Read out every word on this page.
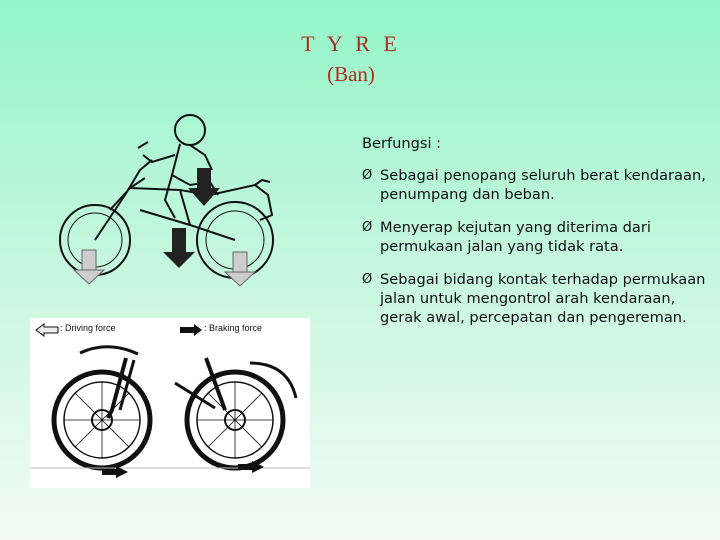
T Y R E
(Ban)
: Driving force	: Braking force
Berfungsi :
Ø Sebagai penopang seluruh berat kendaraan, penumpang dan beban.
Ø Menyerap kejutan yang diterima dari permukaan jalan yang tidak rata.
Ø Sebagai bidang kontak terhadap permukaan jalan untuk mengontrol arah kendaraan, gerak awal, percepatan dan pengereman.
